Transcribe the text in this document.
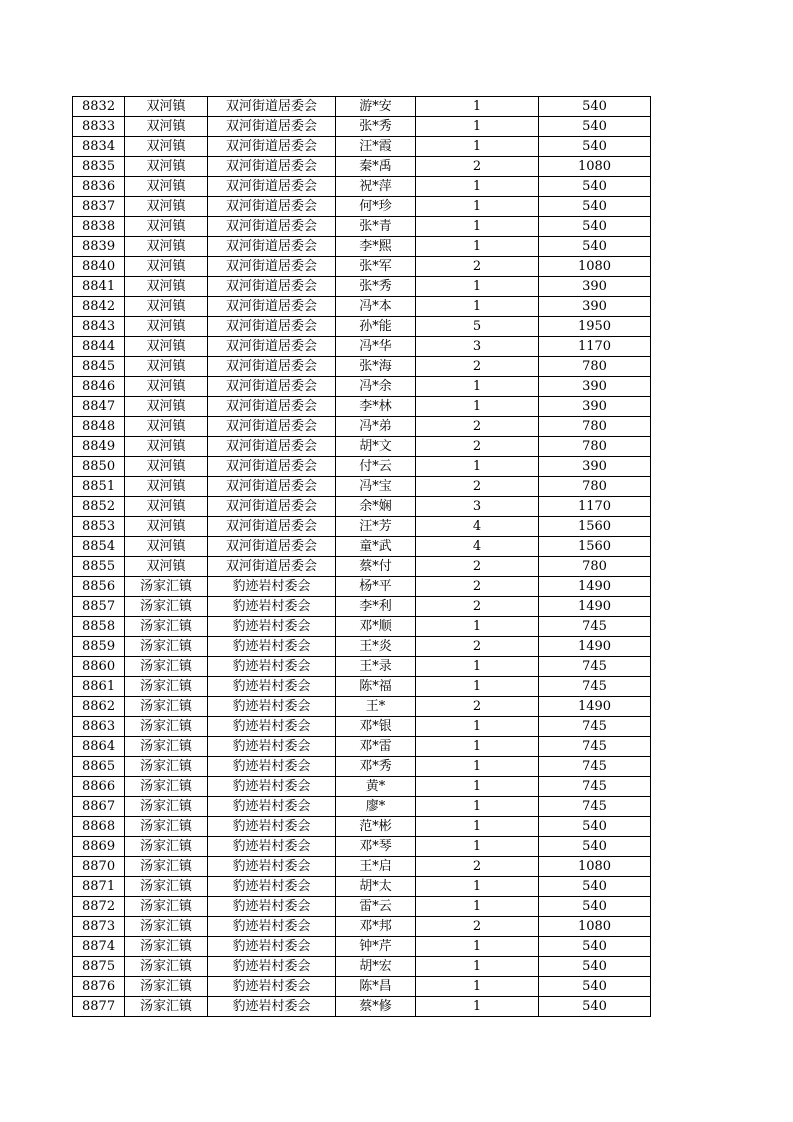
8832	双河镇	双河街道居委会	游*安	1	540
8833	双河镇	双河街道居委会	张*秀	1	540
8834	双河镇	双河街道居委会	汪*霞	1	540
8835	双河镇	双河街道居委会	秦*禹	2	1080
8836	双河镇	双河街道居委会	祝*萍	1	540
8837	双河镇	双河街道居委会	何*珍	1	540
8838	双河镇	双河街道居委会	张*青	1	540
8839	双河镇	双河街道居委会	李*熙	1	540
8840	双河镇	双河街道居委会	张*军	2	1080
8841	双河镇	双河街道居委会	张*秀	1	390
8842	双河镇	双河街道居委会	冯*本	1	390
8843	双河镇	双河街道居委会	孙*能	5	1950
8844	双河镇	双河街道居委会	冯*华	3	1170
8845	双河镇	双河街道居委会	张*海	2	780
8846	双河镇	双河街道居委会	冯*余	1	390
8847	双河镇	双河街道居委会	李*林	1	390
8848	双河镇	双河街道居委会	冯*弟	2	780
8849	双河镇	双河街道居委会	胡*文	2	780
8850	双河镇	双河街道居委会	付*云	1	390
8851	双河镇	双河街道居委会	冯*宝	2	780
8852	双河镇	双河街道居委会	余*娴	3	1170
8853	双河镇	双河街道居委会	汪*芳	4	1560
8854	双河镇	双河街道居委会	童*武	4	1560
8855	双河镇	双河街道居委会	蔡*付	2	780
8856	汤家汇镇	豹迹岩村委会	杨*平	2	1490
8857	汤家汇镇	豹迹岩村委会	李*利	2	1490
8858	汤家汇镇	豹迹岩村委会	邓*顺	1	745
8859	汤家汇镇	豹迹岩村委会	王*炎	2	1490
8860	汤家汇镇	豹迹岩村委会	王*录	1	745
8861	汤家汇镇	豹迹岩村委会	陈*福	1	745
8862	汤家汇镇	豹迹岩村委会	王*	2	1490
8863	汤家汇镇	豹迹岩村委会	邓*银	1	745
8864	汤家汇镇	豹迹岩村委会	邓*雷	1	745
8865	汤家汇镇	豹迹岩村委会	邓*秀	1	745
8866	汤家汇镇	豹迹岩村委会	黄*	1	745
8867	汤家汇镇	豹迹岩村委会	廖*	1	745
8868	汤家汇镇	豹迹岩村委会	范*彬	1	540
8869	汤家汇镇	豹迹岩村委会	邓*琴	1	540
8870	汤家汇镇	豹迹岩村委会	王*启	2	1080
8871	汤家汇镇	豹迹岩村委会	胡*太	1	540
8872	汤家汇镇	豹迹岩村委会	雷*云	1	540
8873	汤家汇镇	豹迹岩村委会	邓*邦	2	1080
8874	汤家汇镇	豹迹岩村委会	钟*芹	1	540
8875	汤家汇镇	豹迹岩村委会	胡*宏	1	540
8876	汤家汇镇	豹迹岩村委会	陈*昌	1	540
8877	汤家汇镇	豹迹岩村委会	蔡*修	1	540
